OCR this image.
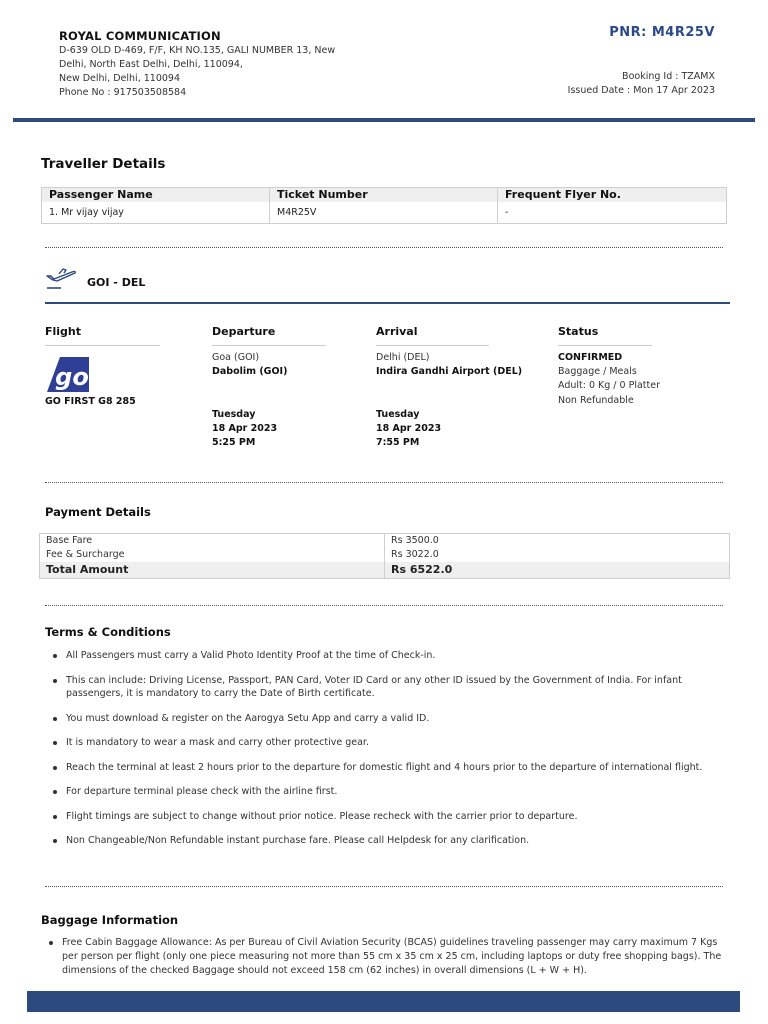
ROYAL COMMUNICATION
D-639 OLD D-469, F/F, KH NO.135, GALI NUMBER 13, New
Delhi, North East Delhi, Delhi, 110094,
New Delhi, Delhi, 110094
Phone No : 917503508584
PNR: M4R25V
Booking Id : TZAMX
Issued Date : Mon 17 Apr 2023
Traveller Details
Passenger Name	Ticket Number	Frequent Flyer No.
1. Mr vijay vijay	M4R25V	-
GOI - DEL
Flight
go
GO FIRST G8 285
Departure
Goa (GOI)
Dabolim (GOI)
Tuesday
18 Apr 2023
5:25 PM
Arrival
Delhi (DEL)
Indira Gandhi Airport (DEL)
Tuesday
18 Apr 2023
7:55 PM
Status
CONFIRMED
Baggage / Meals
Adult: 0 Kg / 0 Platter
Non Refundable
Payment Details
Base Fare	Rs 3500.0
Fee & Surcharge	Rs 3022.0
Total Amount	Rs 6522.0
Terms & Conditions
All Passengers must carry a Valid Photo Identity Proof at the time of Check-in.
This can include: Driving License, Passport, PAN Card, Voter ID Card or any other ID issued by the Government of India. For infant passengers, it is mandatory to carry the Date of Birth certificate.
You must download & register on the Aarogya Setu App and carry a valid ID.
It is mandatory to wear a mask and carry other protective gear.
Reach the terminal at least 2 hours prior to the departure for domestic flight and 4 hours prior to the departure of international flight.
For departure terminal please check with the airline first.
Flight timings are subject to change without prior notice. Please recheck with the carrier prior to departure.
Non Changeable/Non Refundable instant purchase fare. Please call Helpdesk for any clarification.
Baggage Information
Free Cabin Baggage Allowance: As per Bureau of Civil Aviation Security (BCAS) guidelines traveling passenger may carry maximum 7 Kgs per person per flight (only one piece measuring not more than 55 cm x 35 cm x 25 cm, including laptops or duty free shopping bags). The dimensions of the checked Baggage should not exceed 158 cm (62 inches) in overall dimensions (L + W + H).
